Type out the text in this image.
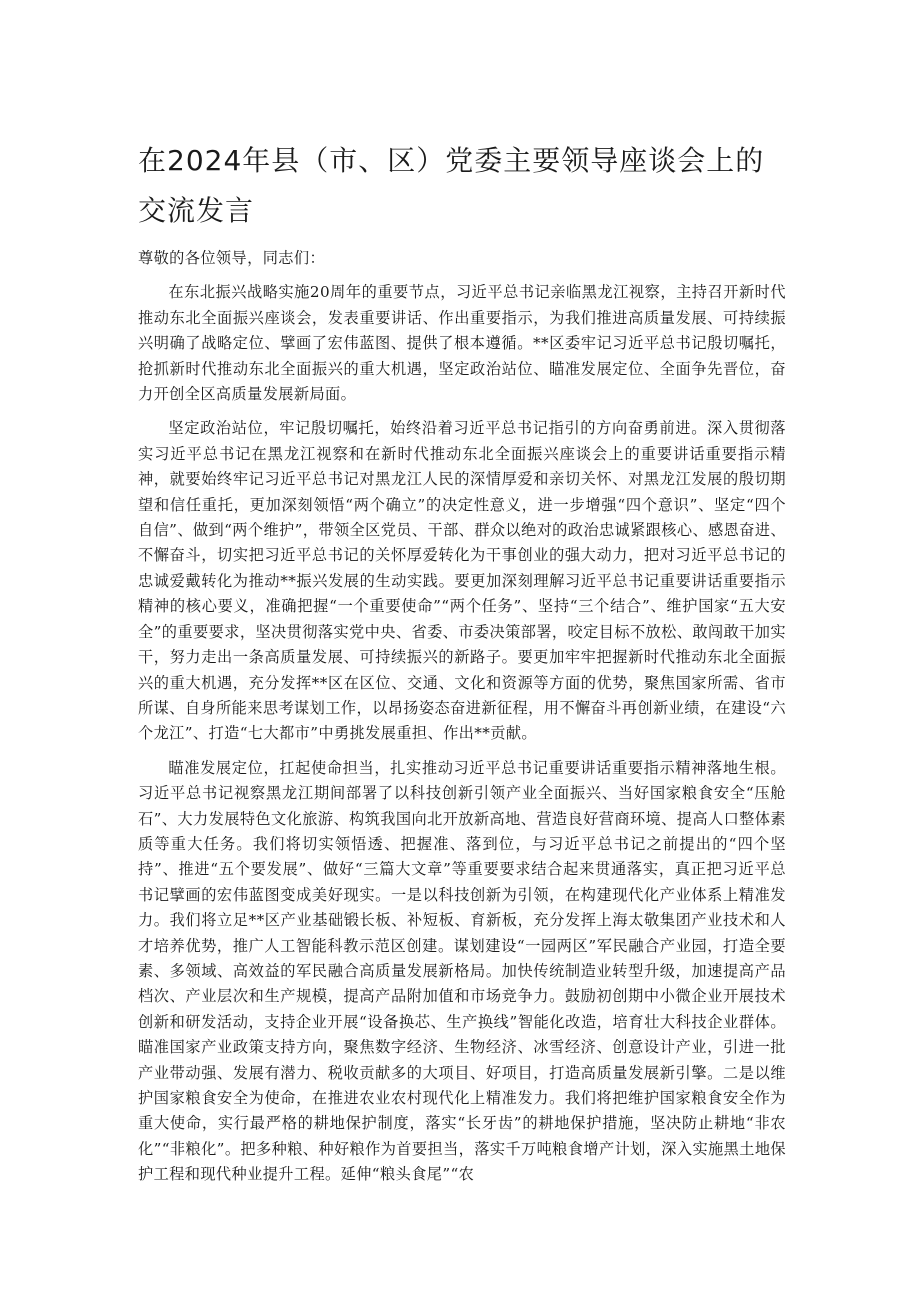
在2024年县（市、区）党委主要领导座谈会上的交流发言

尊敬的各位领导，同志们：

在东北振兴战略实施20周年的重要节点，习近平总书记亲临黑龙江视察，主持召开新时代推动东北全面振兴座谈会，发表重要讲话、作出重要指示，为我们推进高质量发展、可持续振兴明确了战略定位、擘画了宏伟蓝图、提供了根本遵循。**区委牢记习近平总书记殷切嘱托，抢抓新时代推动东北全面振兴的重大机遇，坚定政治站位、瞄准发展定位、全面争先晋位，奋力开创全区高质量发展新局面。

坚定政治站位，牢记殷切嘱托，始终沿着习近平总书记指引的方向奋勇前进。深入贯彻落实习近平总书记在黑龙江视察和在新时代推动东北全面振兴座谈会上的重要讲话重要指示精神，就要始终牢记习近平总书记对黑龙江人民的深情厚爱和亲切关怀、对黑龙江发展的殷切期望和信任重托，更加深刻领悟“两个确立”的决定性意义，进一步增强“四个意识”、坚定“四个自信”、做到“两个维护”，带领全区党员、干部、群众以绝对的政治忠诚紧跟核心、感恩奋进、不懈奋斗，切实把习近平总书记的关怀厚爱转化为干事创业的强大动力，把对习近平总书记的忠诚爱戴转化为推动**振兴发展的生动实践。要更加深刻理解习近平总书记重要讲话重要指示精神的核心要义，准确把握“一个重要使命”“两个任务”、坚持“三个结合”、维护国家“五大安全”的重要要求，坚决贯彻落实党中央、省委、市委决策部署，咬定目标不放松、敢闯敢干加实干，努力走出一条高质量发展、可持续振兴的新路子。要更加牢牢把握新时代推动东北全面振兴的重大机遇，充分发挥**区在区位、交通、文化和资源等方面的优势，聚焦国家所需、省市所谋、自身所能来思考谋划工作，以昂扬姿态奋进新征程，用不懈奋斗再创新业绩，在建设“六个龙江”、打造“七大都市”中勇挑发展重担、作出**贡献。

瞄准发展定位，扛起使命担当，扎实推动习近平总书记重要讲话重要指示精神落地生根。习近平总书记视察黑龙江期间部署了以科技创新引领产业全面振兴、当好国家粮食安全“压舱石”、大力发展特色文化旅游、构筑我国向北开放新高地、营造良好营商环境、提高人口整体素质等重大任务。我们将切实领悟透、把握准、落到位，与习近平总书记之前提出的“四个坚持”、推进“五个要发展”、做好“三篇大文章”等重要要求结合起来贯通落实，真正把习近平总书记擘画的宏伟蓝图变成美好现实。一是以科技创新为引领，在构建现代化产业体系上精准发力。我们将立足**区产业基础锻长板、补短板、育新板，充分发挥上海太敬集团产业技术和人才培养优势，推广人工智能科教示范区创建。谋划建设“一园两区”军民融合产业园，打造全要素、多领域、高效益的军民融合高质量发展新格局。加快传统制造业转型升级，加速提高产品档次、产业层次和生产规模，提高产品附加值和市场竞争力。鼓励初创期中小微企业开展技术创新和研发活动，支持企业开展“设备换芯、生产换线”智能化改造，培育壮大科技企业群体。瞄准国家产业政策支持方向，聚焦数字经济、生物经济、冰雪经济、创意设计产业，引进一批产业带动强、发展有潜力、税收贡献多的大项目、好项目，打造高质量发展新引擎。二是以维护国家粮食安全为使命，在推进农业农村现代化上精准发力。我们将把维护国家粮食安全作为重大使命，实行最严格的耕地保护制度，落实“长牙齿”的耕地保护措施，坚决防止耕地“非农化”“非粮化”。把多种粮、种好粮作为首要担当，落实千万吨粮食增产计划，深入实施黑土地保护工程和现代种业提升工程。延伸“粮头食尾”“农
